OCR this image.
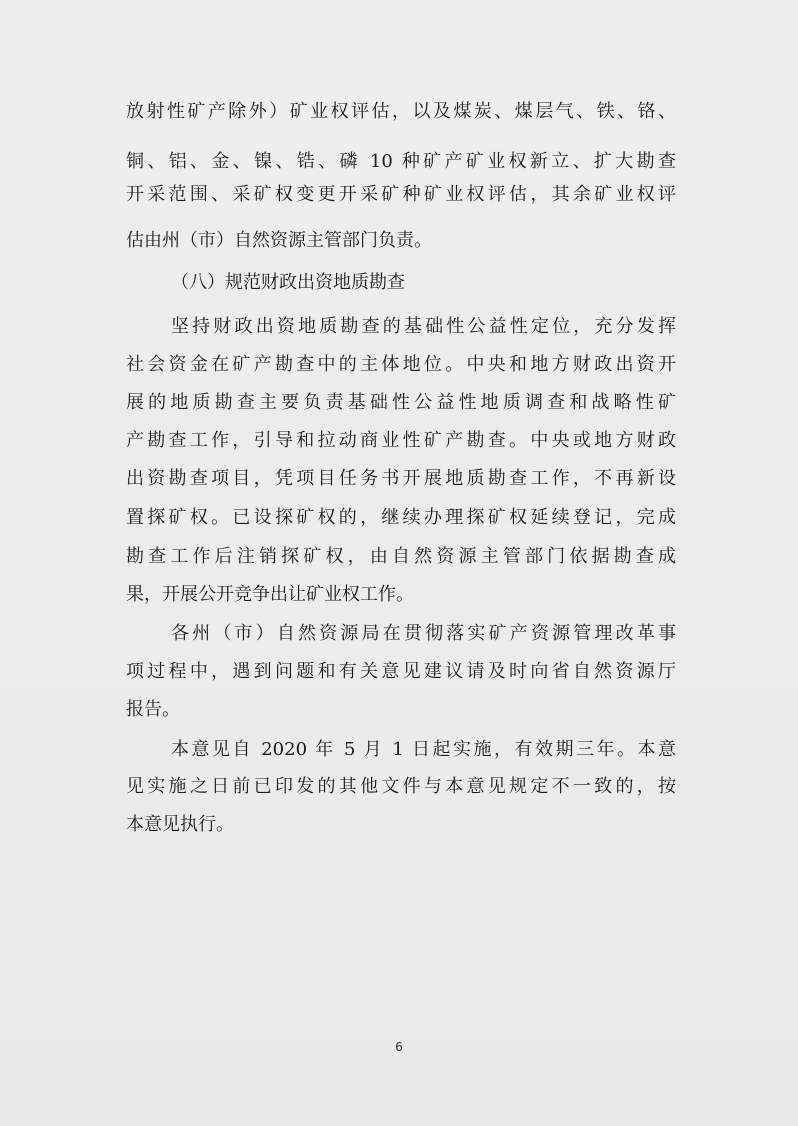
放射性矿产除外）矿业权评估，以及煤炭、煤层气、铁、铬、
铜、铝、金、镍、锆、磷 10 种矿产矿业权新立、扩大勘查
开采范围、采矿权变更开采矿种矿业权评估，其余矿业权评
估由州（市）自然资源主管部门负责。
（八）规范财政出资地质勘查
坚持财政出资地质勘查的基础性公益性定位，充分发挥
社会资金在矿产勘查中的主体地位。中央和地方财政出资开
展的地质勘查主要负责基础性公益性地质调查和战略性矿
产勘查工作，引导和拉动商业性矿产勘查。中央或地方财政
出资勘查项目，凭项目任务书开展地质勘查工作，不再新设
置探矿权。已设探矿权的，继续办理探矿权延续登记，完成
勘查工作后注销探矿权，由自然资源主管部门依据勘查成
果，开展公开竞争出让矿业权工作。
各州（市）自然资源局在贯彻落实矿产资源管理改革事
项过程中，遇到问题和有关意见建议请及时向省自然资源厅
报告。
本意见自 2020 年 5 月 1 日起实施，有效期三年。本意
见实施之日前已印发的其他文件与本意见规定不一致的，按
本意见执行。
6
